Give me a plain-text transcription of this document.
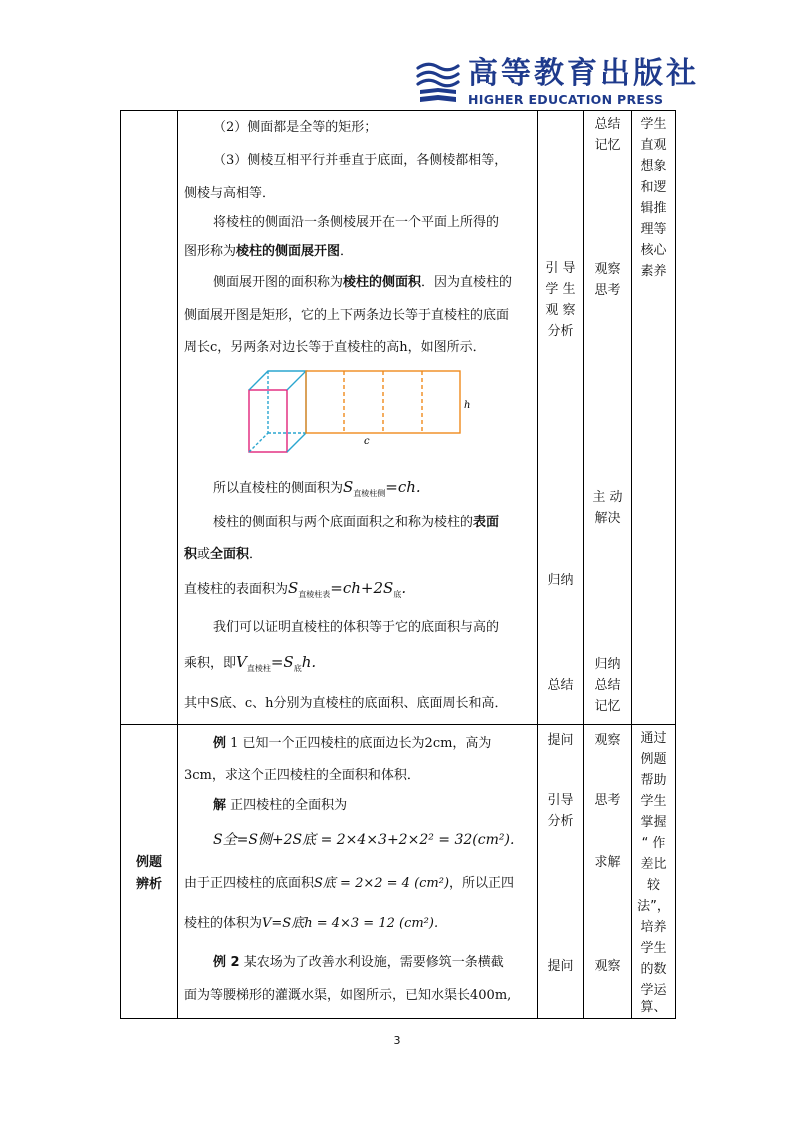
高等教育出版社
HIGHER EDUCATION PRESS
（2）侧面都是全等的矩形；
（3）侧棱互相平行并垂直于底面，各侧棱都相等，
侧棱与高相等．
将棱柱的侧面沿一条侧棱展开在一个平面上所得的
图形称为棱柱的侧面展开图．
侧面展开图的面积称为棱柱的侧面积．因为直棱柱的
侧面展开图是矩形，它的上下两条边长等于直棱柱的底面
周长c，另两条对边长等于直棱柱的高h，如图所示．
h
c
所以直棱柱的侧面积为$S_{直棱柱侧}=ch$.
棱柱的侧面积与两个底面面积之和称为棱柱的表面
积或全面积．
直棱柱的表面积为$S_{直棱柱表}=ch+2S_底$.
我们可以证明直棱柱的体积等于它的底面积与高的
乘积，即$V_{直棱柱}=S_底h$.
其中S底、c、h分别为直棱柱的底面积、底面周长和高．
引 导
学 生
观 察
分析
归纳
总结
总结
记忆
观察
思考
主 动
解决
归纳
总结
记忆
学生
直观
想象
和逻
辑推
理等
核心
素养
例题
辨析
例 1 已知一个正四棱柱的底面边长为2cm，高为
3cm，求这个正四棱柱的全面积和体积．
解 正四棱柱的全面积为
S全=S侧+2S底 = 2×4×3+2×2² = 32(cm²).
由于正四棱柱的底面积S底 = 2×2 = 4 (cm²)，所以正四
棱柱的体积为V=S底h = 4×3 = 12 (cm²).
例 2 某农场为了改善水利设施，需要修筑一条横截
面为等腰梯形的灌溉水渠，如图所示，已知水渠长400m,
提问
引导
分析
提问
观察
思考
求解
观察
通过
例题
帮助
学生
掌握
“ 作
差比
较
法”，
培养
学生
的数
学运
算、
3
